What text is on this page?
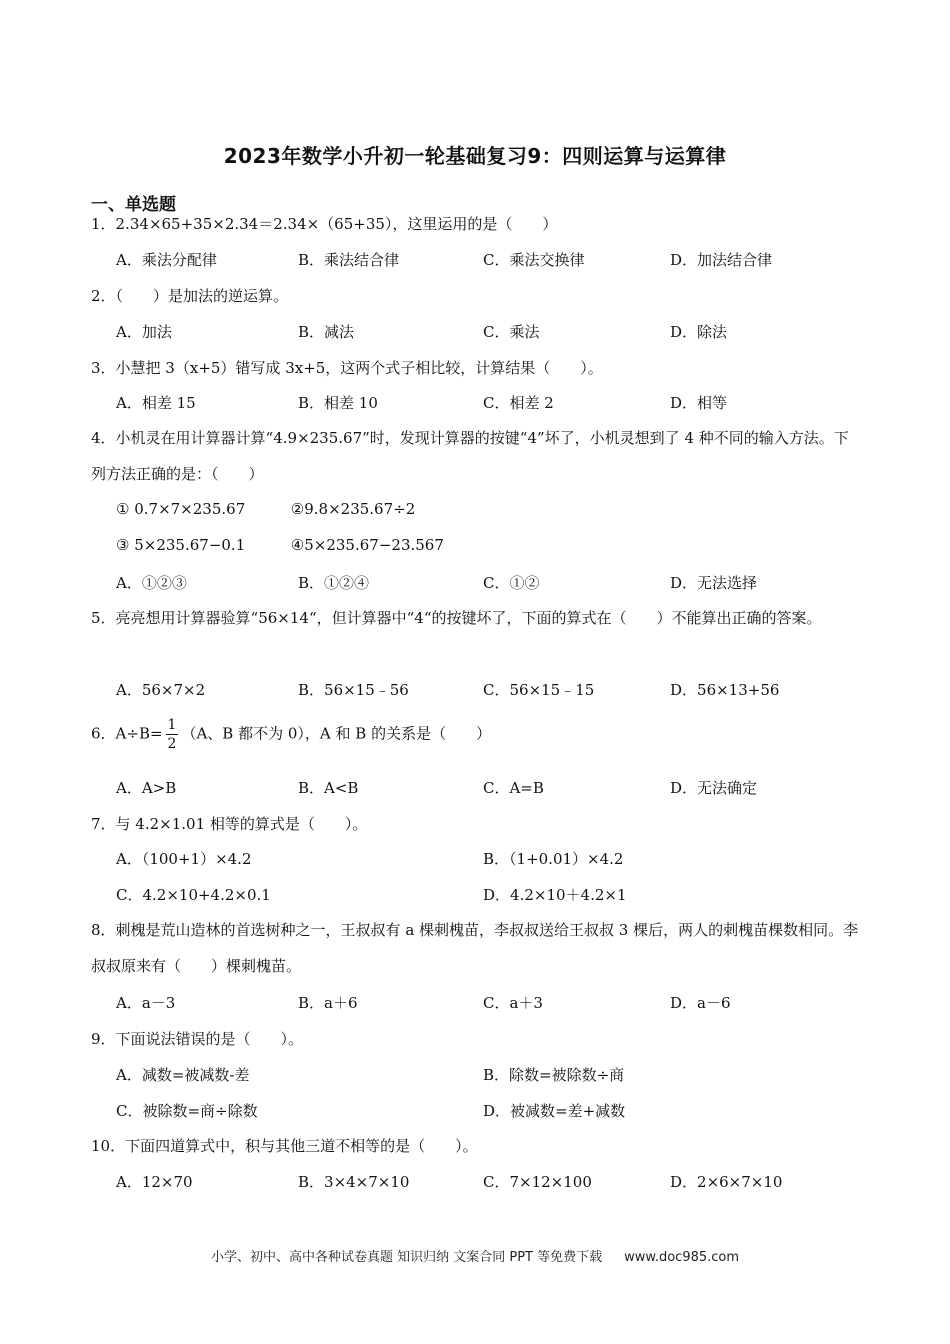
2023年数学小升初一轮基础复习9：四则运算与运算律
一、单选题
1．2.34×65+35×2.34＝2.34×（65+35），这里运用的是（　　）
A．乘法分配律	B．乘法结合律	C．乘法交换律	D．加法结合律
2．（　　）是加法的逆运算。
A．加法	B．减法	C．乘法	D．除法
3．小慧把 3（x+5）错写成 3x+5，这两个式子相比较，计算结果（　　）。
A．相差 15	B．相差 10	C．相差 2	D．相等
4．小机灵在用计算器计算“4.9×235.67”时，发现计算器的按键“4”坏了，小机灵想到了 4 种不同的输入方法。下列方法正确的是：（　　）
① 0.7×7×235.67	②9.8×235.67÷2
③ 5×235.67−0.1	④5×235.67−23.567
A．①②③	B．①②④	C．①②	D．无法选择
5．亮亮想用计算器验算“56×14“，但计算器中“4“的按键坏了，下面的算式在（　　）不能算出正确的答案。
A．56×7×2	B．56×15﹣56	C．56×15﹣15	D．56×13+56
6．$A\div B= \frac{1}{2} (A$、B 都不为 0），A 和 B 的关系是（　　）
A．A>B	B．A<B	C．A=B	D．无法确定
7．与 4.2×1.01 相等的算式是（　　）。
A．（100+1）×4.2	B．（1+0.01）×4.2
C．4.2×10+4.2×0.1	D．4.2×10＋4.2×1
8．刺槐是荒山造林的首选树种之一，王叔叔有 a 棵刺槐苗，李叔叔送给王叔叔 3 棵后，两人的刺槐苗棵数相同。李叔叔原来有（　　）棵刺槐苗。
A．a－3	B．a＋6	C．a＋3	D．a－6
9．下面说法错误的是（　　）。
A．减数=被减数-差	B．除数=被除数÷商
C．被除数=商÷除数	D．被减数=差+减数
10．下面四道算式中，积与其他三道不相等的是（　　）。
A．12×70	B．3×4×7×10	C．7×12×100	D．2×6×7×10
小学、初中、高中各种试卷真题 知识归纳 文案合同 PPT 等免费下载 www.doc985.com
